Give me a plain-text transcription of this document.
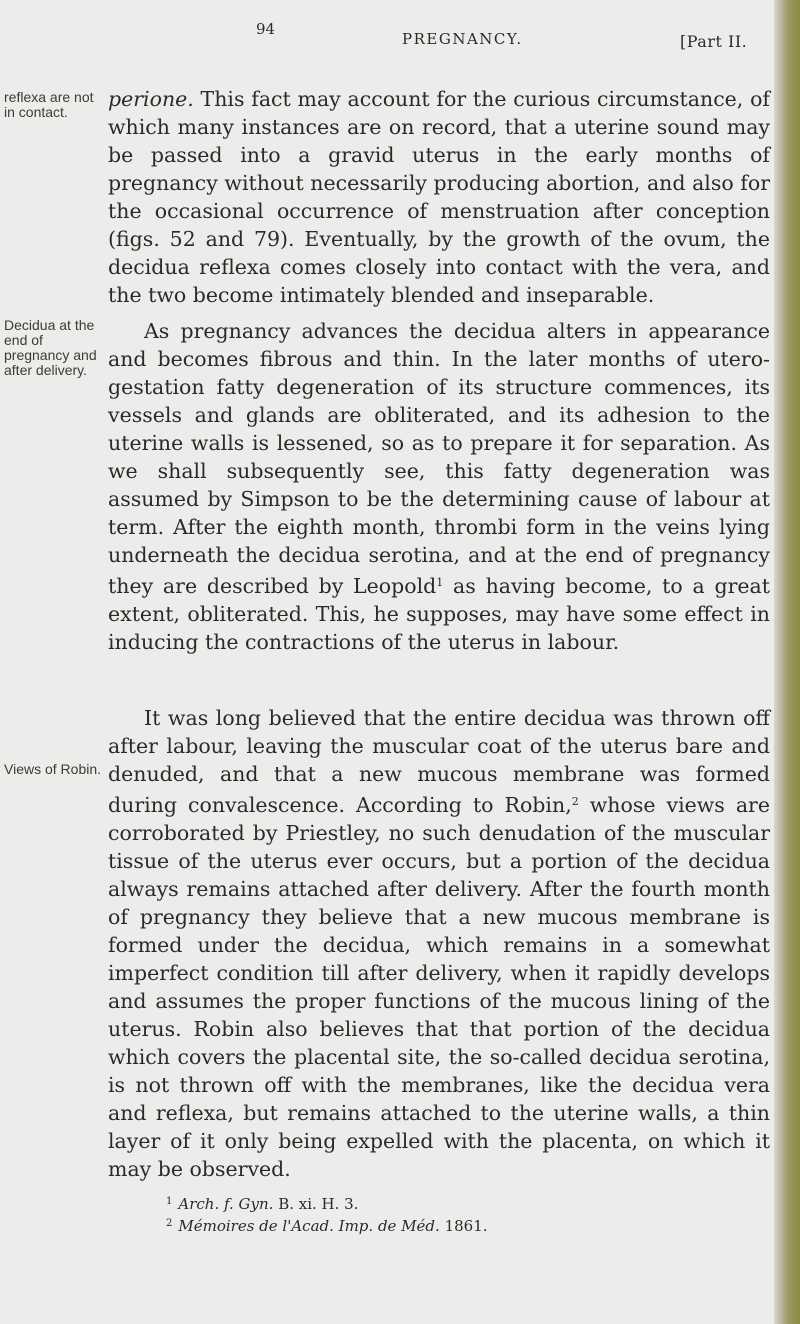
94
PREGNANCY.	[Part II.
reflexa are not in contact.
Decidua at the end of pregnancy and after delivery.
Views of Robin.

perione. This fact may account for the curious circumstance, of which many instances are on record, that a uterine sound may be passed into a gravid uterus in the early months of pregnancy without necessarily producing abortion, and also for the occasional occurrence of menstruation after conception (figs. 52 and 79). Eventually, by the growth of the ovum, the decidua reflexa comes closely into contact with the vera, and the two become intimately blended and inseparable.

As pregnancy advances the decidua alters in appearance and becomes fibrous and thin. In the later months of utero-gestation fatty degeneration of its structure commences, its vessels and glands are obliterated, and its adhesion to the uterine walls is lessened, so as to prepare it for separation. As we shall subsequently see, this fatty degeneration was assumed by Simpson to be the determining cause of labour at term. After the eighth month, thrombi form in the veins lying underneath the decidua serotina, and at the end of pregnancy they are described by Leopold$^1$ as having become, to a great extent, obliterated. This, he supposes, may have some effect in inducing the contractions of the uterus in labour.

It was long believed that the entire decidua was thrown off after labour, leaving the muscular coat of the uterus bare and denuded, and that a new mucous membrane was formed during convalescence. According to Robin,$^2$ whose views are corroborated by Priestley, no such denudation of the muscular tissue of the uterus ever occurs, but a portion of the decidua always remains attached after delivery. After the fourth month of pregnancy they believe that a new mucous membrane is formed under the decidua, which remains in a somewhat imperfect condition till after delivery, when it rapidly develops and assumes the proper functions of the mucous lining of the uterus. Robin also believes that that portion of the decidua which covers the placental site, the so-called decidua serotina, is not thrown off with the membranes, like the decidua vera and reflexa, but remains attached to the uterine walls, a thin layer of it only being expelled with the placenta, on which it may be observed.

$^1$ Arch. f. Gyn. B. xi. H. 3.

$^2$ Mémoires de l'Acad. Imp. de Méd. 1861.
